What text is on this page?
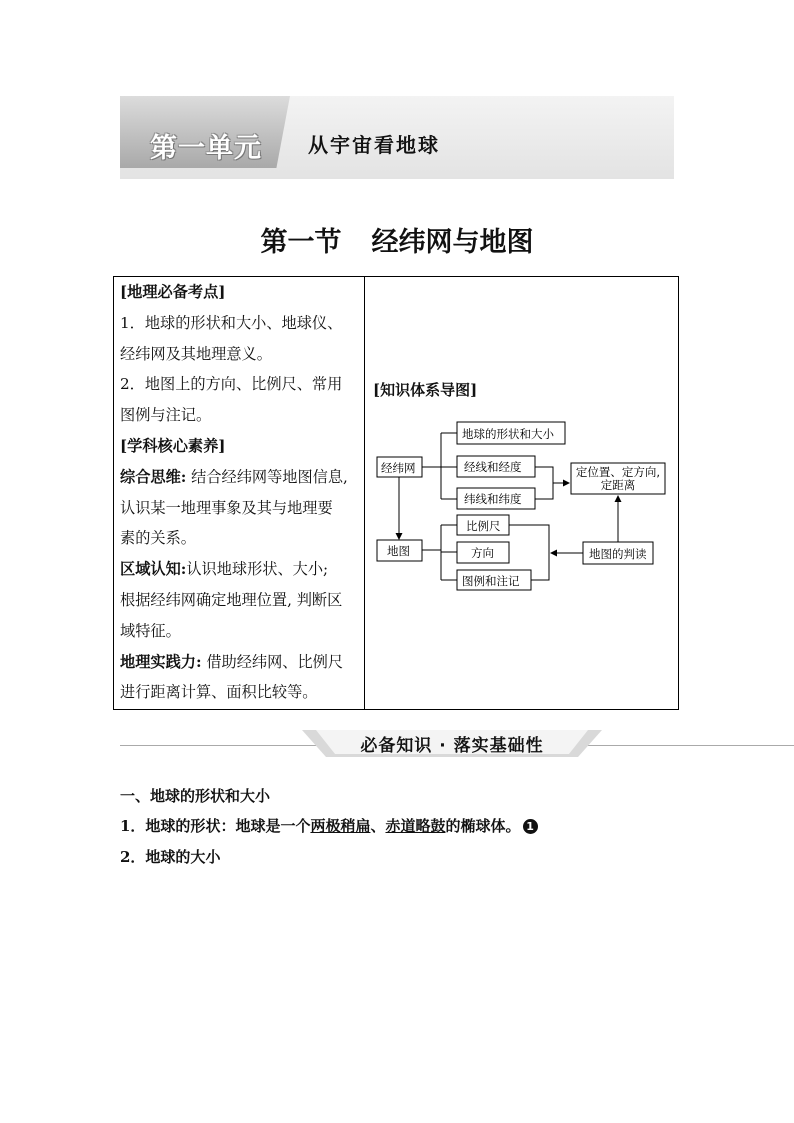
第一单元 从宇宙看地球
第一节 经纬网与地图
[地理必备考点]
1．地球的形状和大小、地球仪、
经纬网及其地理意义。
2．地图上的方向、比例尺、常用
图例与注记。
[学科核心素养]
综合思维: 结合经纬网等地图信息,
认识某一地理事象及其与地理要
素的关系。
区域认知:认识地球形状、大小;
根据经纬网确定地理位置, 判断区
域特征。
地理实践力: 借助经纬网、比例尺
进行距离计算、面积比较等。
[知识体系导图]
经纬网
地球的形状和大小
经线和经度
纬线和纬度
定位置、定方向,
定距离
地图
比例尺
方向
图例和注记
地图的判读
必备知识 · 落实基础性
一、地球的形状和大小
1．地球的形状：地球是一个两极稍扁、赤道略鼓的椭球体。 1
2．地球的大小
